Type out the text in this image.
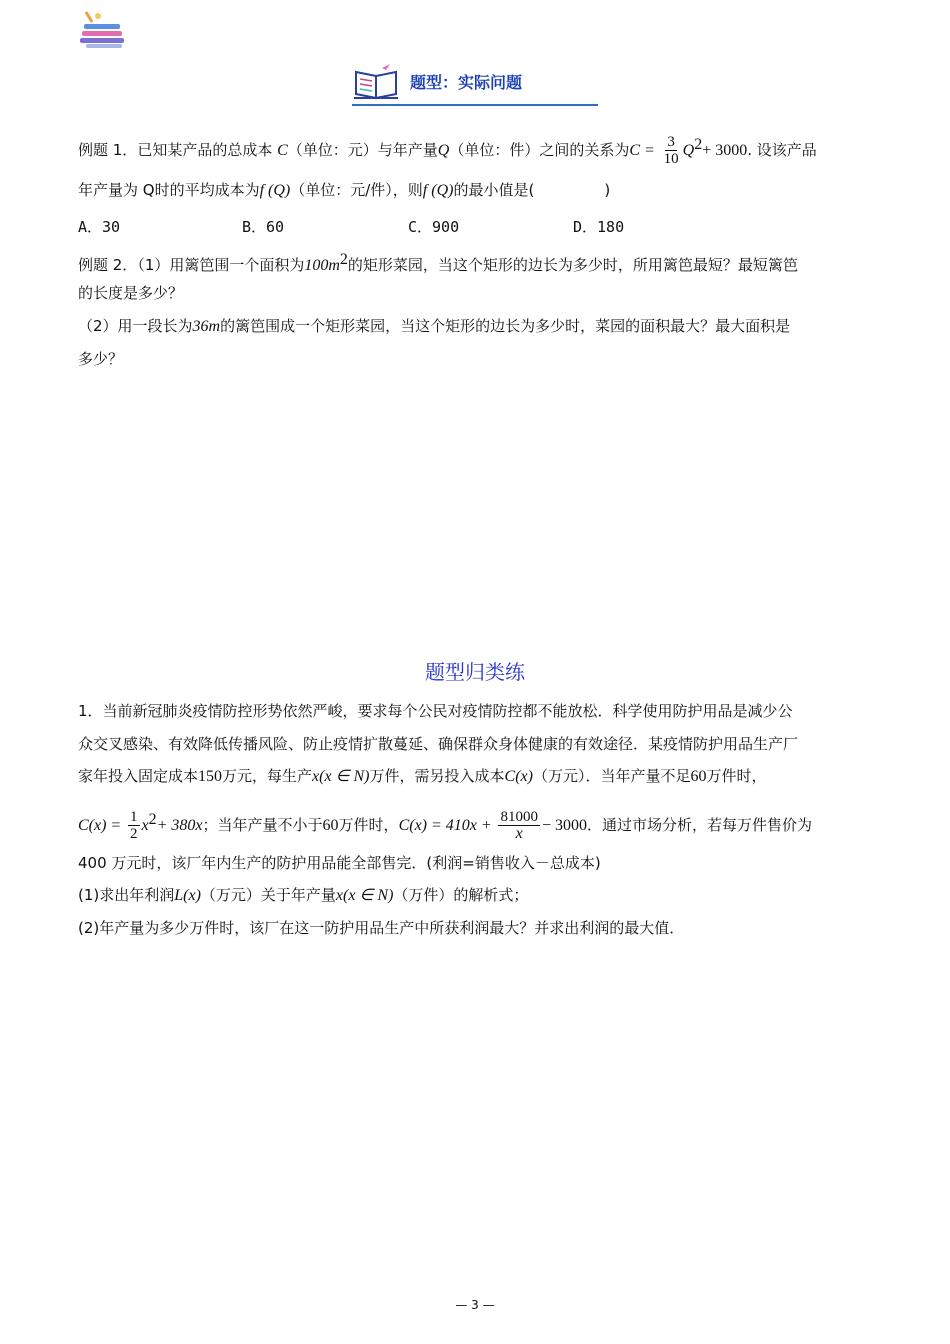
题型：实际问题
例题 1．已知某产品的总成本 C（单位：元）与年产量Q（单位：件）之间的关系为$C = \frac{3}{10} Q^2+ 3000$. 设该产品
年产量为 Q时的平均成本为f (Q)（单位：元/件），则f (Q)的最小值是(	)
A．30	B．60	C．900	D．180
例题 2．（1）用篱笆围一个面积为$100m^2$的矩形菜园，当这个矩形的边长为多少时，所用篱笆最短？最短篱笆
的长度是多少？
（2）用一段长为36m的篱笆围成一个矩形菜园，当这个矩形的边长为多少时，菜园的面积最大？最大面积是
多少？
题型归类练
1．当前新冠肺炎疫情防控形势依然严峻，要求每个公民对疫情防控都不能放松．科学使用防护用品是减少公
众交叉感染、有效降低传播风险、防止疫情扩散蔓延、确保群众身体健康的有效途径．某疫情防护用品生产厂
家年投入固定成本150万元，每生产x(x ∈ N)万件，需另投入成本C(x)（万元）．当年产量不足60万件时，
$C(x) = \frac{1}{2} x^2+ 380x$；当年产量不小于60万件时，$C(x) = 410x + \frac{81000}{x} - 3000$．通过市场分析，若每万件售价为
400 万元时，该厂年内生产的防护用品能全部售完．(利润=销售收入－总成本)
(1)求出年利润L(x)（万元）关于年产量x(x ∈ N)（万件）的解析式；
(2)年产量为多少万件时，该厂在这一防护用品生产中所获利润最大？并求出利润的最大值．
— 3 —
